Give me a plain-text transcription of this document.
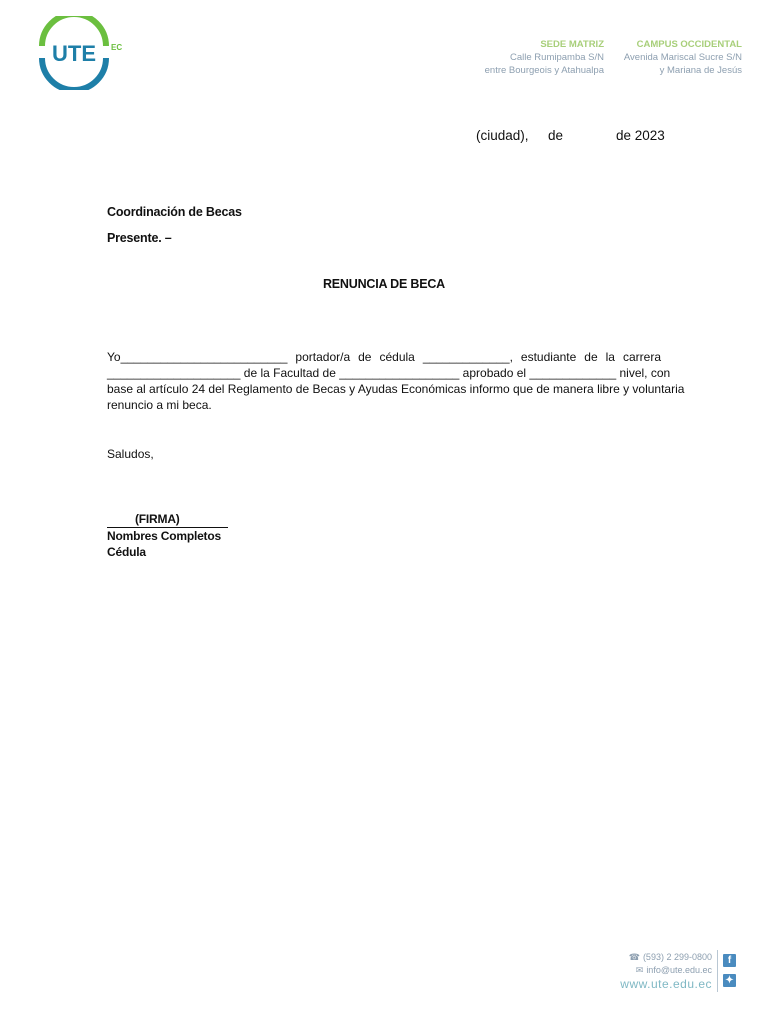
UTE EC	SEDE MATRIZ
Calle Rumipamba S/N
entre Bourgeois y Atahualpa
CAMPUS OCCIDENTAL
Avenida Mariscal Sucre S/N
y Mariana de Jesús
(ciudad), de	de 2023
Coordinación de Becas
Presente. –
RENUNCIA DE BECA
Yo_________________________ portador/a de cédula _____________, estudiante de la carrera
____________________ de la Facultad de __________________ aprobado el _____________ nivel, con
base al artículo 24 del Reglamento de Becas y Ayudas Económicas informo que de manera libre y voluntaria
renuncio a mi beca.
Saludos,
(FIRMA)
Nombres Completos
Cédula
☎ (593) 2 299-0800
✉ info@ute.edu.ec
www.ute.edu.ec
f
✦
